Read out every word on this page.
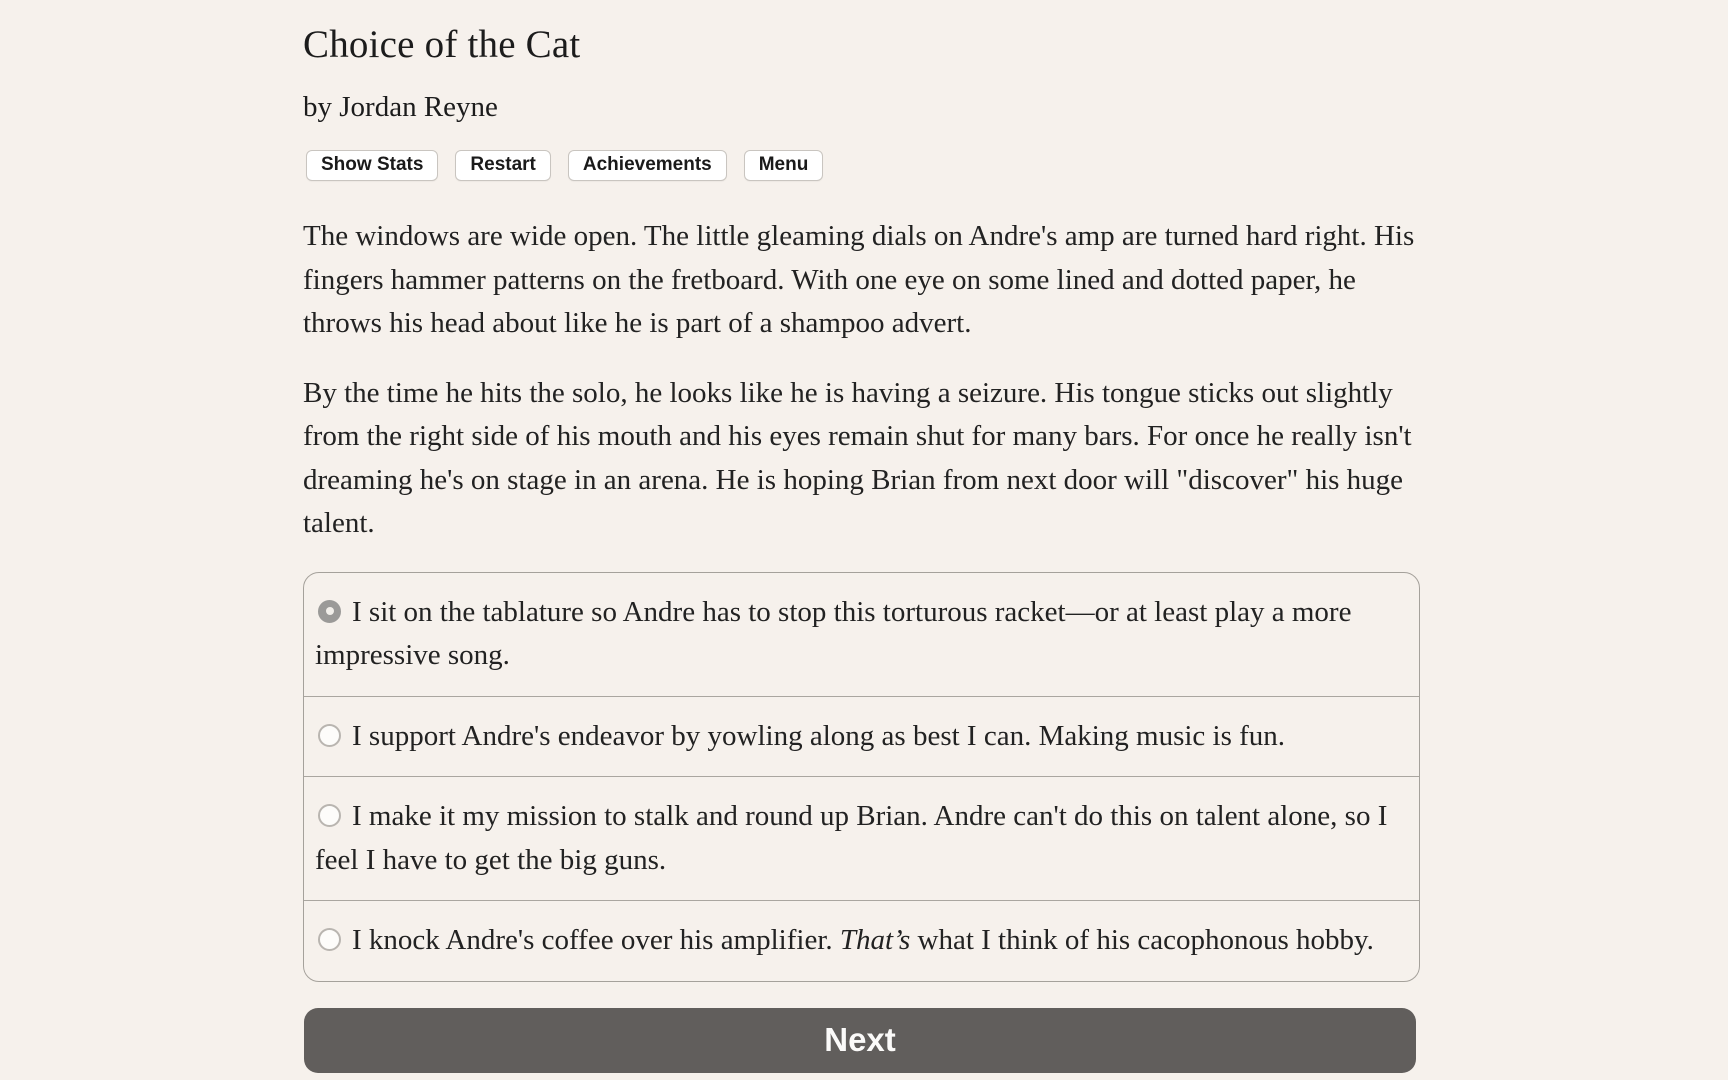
Choice of the Cat
by Jordan Reyne
Show Stats	Restart	Achievements	Menu

The windows are wide open. The little gleaming dials on Andre's amp are turned hard right. His fingers hammer patterns on the fretboard. With one eye on some lined and dotted paper, he throws his head about like he is part of a shampoo advert.

By the time he hits the solo, he looks like he is having a seizure. His tongue sticks out slightly from the right side of his mouth and his eyes remain shut for many bars. For once he really isn't dreaming he's on stage in an arena. He is hoping Brian from next door will "discover" his huge talent.

I sit on the tablature so Andre has to stop this torturous racket—or at least play a more impressive song.
I support Andre's endeavor by yowling along as best I can. Making music is fun.
I make it my mission to stalk and round up Brian. Andre can't do this on talent alone, so I feel I have to get the big guns.
I knock Andre's coffee over his amplifier. That’s what I think of his cacophonous hobby.
Next
